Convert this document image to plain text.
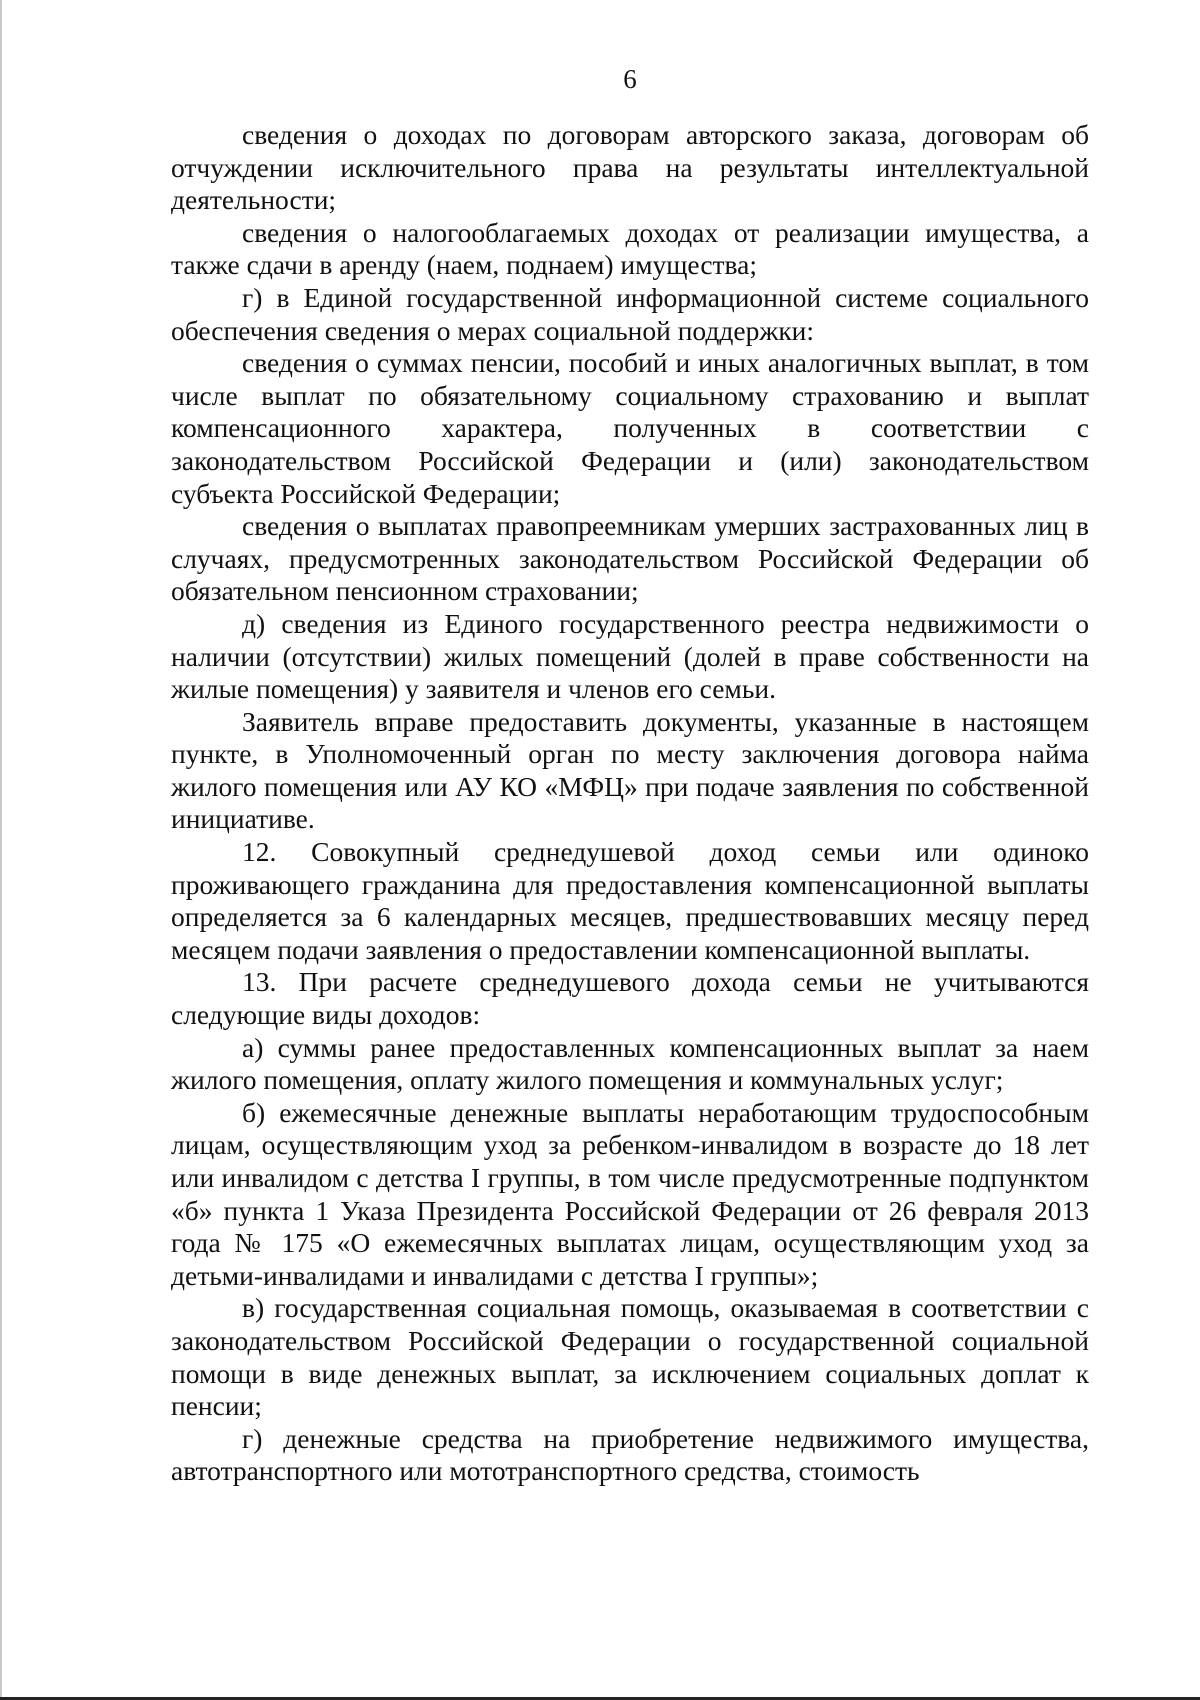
6

сведения о доходах по договорам авторского заказа, договорам об отчуждении исключительного права на результаты интеллектуальной деятельности;

сведения о налогооблагаемых доходах от реализации имущества, а также сдачи в аренду (наем, поднаем) имущества;

г) в Единой государственной информационной системе социального обеспечения сведения о мерах социальной поддержки:

сведения о суммах пенсии, пособий и иных аналогичных выплат, в том числе выплат по обязательному социальному страхованию и выплат компенсационного характера, полученных в соответствии с законодательством Российской Федерации и (или) законодательством субъекта Российской Федерации;

сведения о выплатах правопреемникам умерших застрахованных лиц в случаях, предусмотренных законодательством Российской Федерации об обязательном пенсионном страховании;

д) сведения из Единого государственного реестра недвижимости о наличии (отсутствии) жилых помещений (долей в праве собственности на жилые помещения) у заявителя и членов его семьи.

Заявитель вправе предоставить документы, указанные в настоящем пункте, в Уполномоченный орган по месту заключения договора найма жилого помещения или АУ КО «МФЦ» при подаче заявления по собственной инициативе.

12. Совокупный среднедушевой доход семьи или одиноко проживающего гражданина для предоставления компенсационной выплаты определяется за 6 календарных месяцев, предшествовавших месяцу перед месяцем подачи заявления о предоставлении компенсационной выплаты.

13. При расчете среднедушевого дохода семьи не учитываются следующие виды доходов:

а) суммы ранее предоставленных компенсационных выплат за наем жилого помещения, оплату жилого помещения и коммунальных услуг;

б) ежемесячные денежные выплаты неработающим трудоспособным лицам, осуществляющим уход за ребенком-инвалидом в возрасте до 18 лет или инвалидом с детства I группы, в том числе предусмотренные подпунктом «б» пункта 1 Указа Президента Российской Федерации от 26 февраля 2013 года № 175 «О ежемесячных выплатах лицам, осуществляющим уход за детьми-инвалидами и инвалидами с детства I группы»;

в) государственная социальная помощь, оказываемая в соответствии с законодательством Российской Федерации о государственной социальной помощи в виде денежных выплат, за исключением социальных доплат к пенсии;

г) денежные средства на приобретение недвижимого имущества, автотранспортного или мототранспортного средства, стоимость
